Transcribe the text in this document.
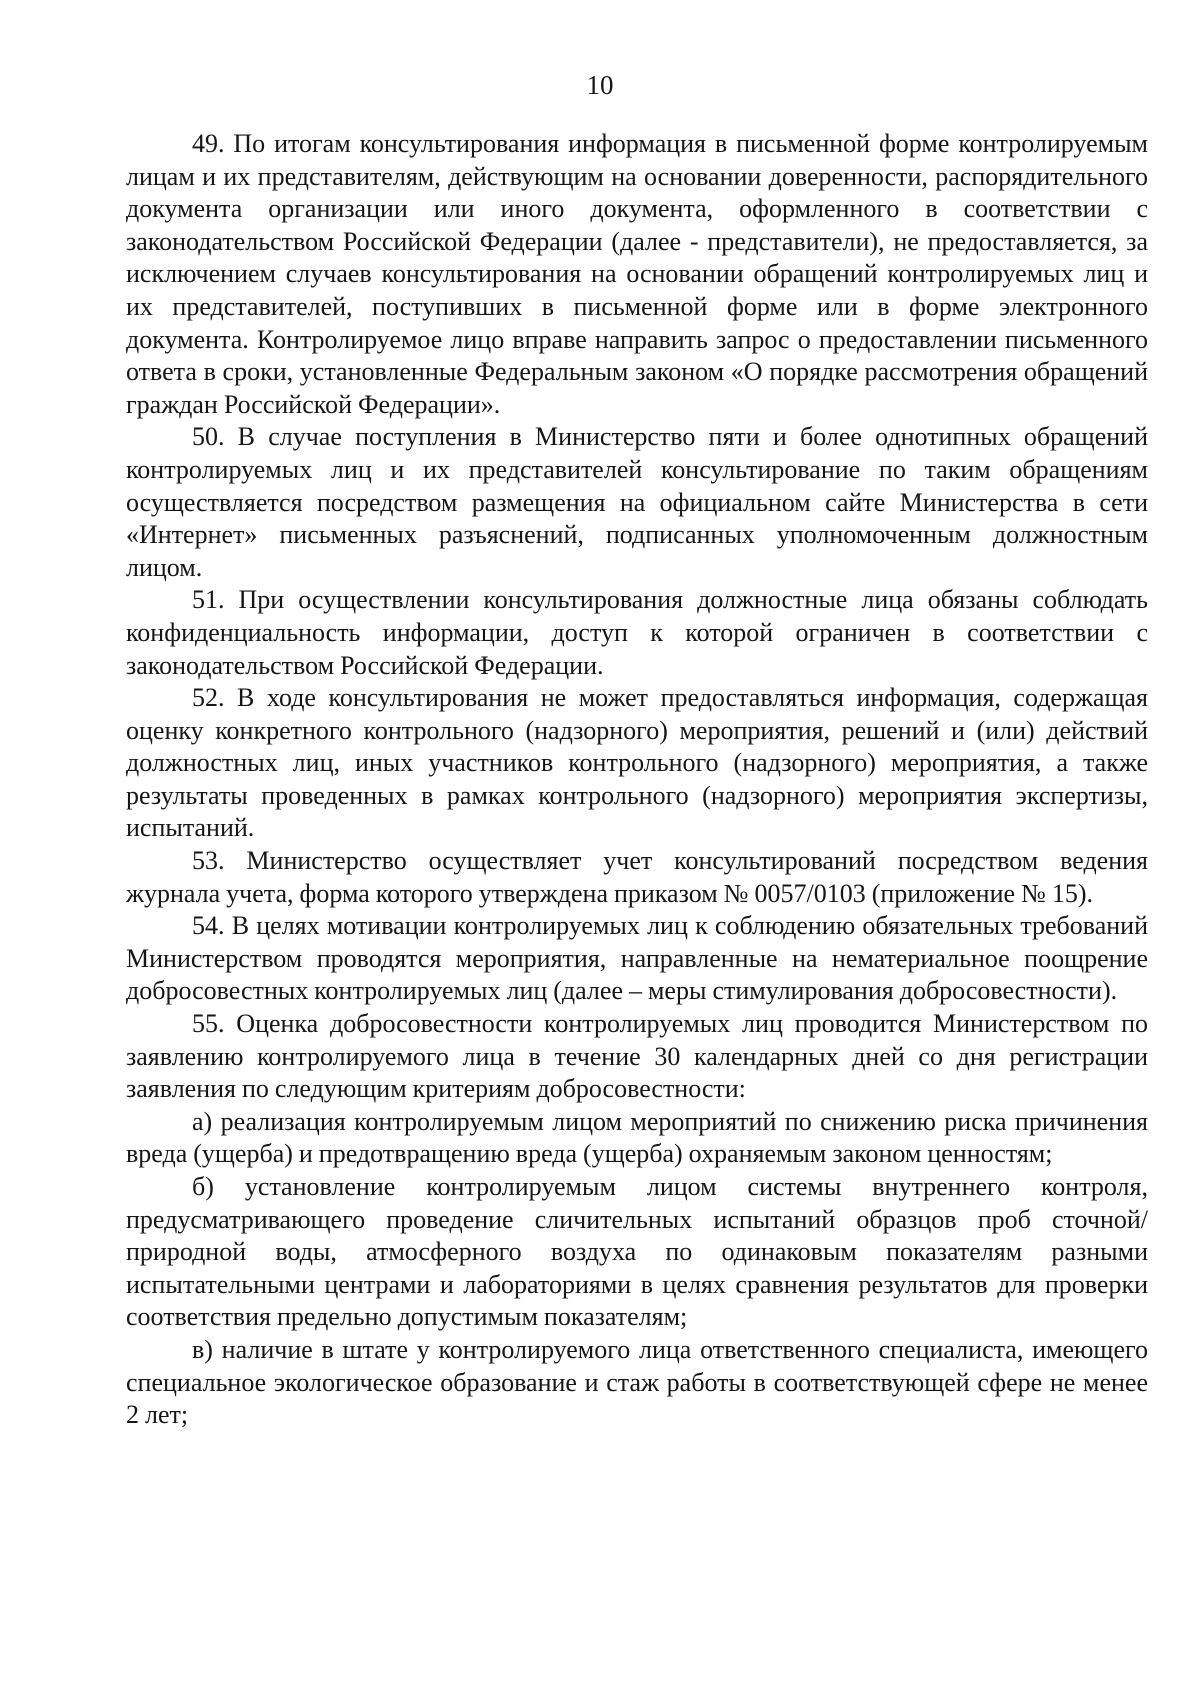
10

49. По итогам консультирования информация в письменной форме контролируемым лицам и их представителям, действующим на основании доверенности, распорядительного документа организации или иного документа, оформленного в соответствии с законодательством Российской Федерации (далее - представители), не предоставляется, за исключением случаев консультирования на основании обращений контролируемых лиц и их представителей, поступивших в письменной форме или в форме электронного документа. Контролируемое лицо вправе направить запрос о предоставлении письменного ответа в сроки, установленные Федеральным законом «О порядке рассмотрения обращений граждан Российской Федерации».

50. В случае поступления в Министерство пяти и более однотипных обращений контролируемых лиц и их представителей консультирование по таким обращениям осуществляется посредством размещения на официальном сайте Министерства в сети «Интернет» письменных разъяснений, подписанных уполномоченным должностным лицом.

51. При осуществлении консультирования должностные лица обязаны соблюдать конфиденциальность информации, доступ к которой ограничен в соответствии с законодательством Российской Федерации.

52. В ходе консультирования не может предоставляться информация, содержащая оценку конкретного контрольного (надзорного) мероприятия, решений и (или) действий должностных лиц, иных участников контрольного (надзорного) мероприятия, а также результаты проведенных в рамках контрольного (надзорного) мероприятия экспертизы, испытаний.

53. Министерство осуществляет учет консультирований посредством ведения журнала учета, форма которого утверждена приказом № 0057/0103 (приложение № 15).

54. В целях мотивации контролируемых лиц к соблюдению обязательных требований Министерством проводятся мероприятия, направленные на нематериальное поощрение добросовестных контролируемых лиц (далее – меры стимулирования добросовестности).

55. Оценка добросовестности контролируемых лиц проводится Министерством по заявлению контролируемого лица в течение 30 календарных дней со дня регистрации заявления по следующим критериям добросовестности:

а) реализация контролируемым лицом мероприятий по снижению риска причинения вреда (ущерба) и предотвращению вреда (ущерба) охраняемым законом ценностям;

б) установление контролируемым лицом системы внутреннего контроля, предусматривающего проведение сличительных испытаний образцов проб сточной/природной воды, атмосферного воздуха по одинаковым показателям разными испытательными центрами и лабораториями в целях сравнения результатов для проверки соответствия предельно допустимым показателям;

в) наличие в штате у контролируемого лица ответственного специалиста, имеющего специальное экологическое образование и стаж работы в соответствующей сфере не менее 2 лет;
